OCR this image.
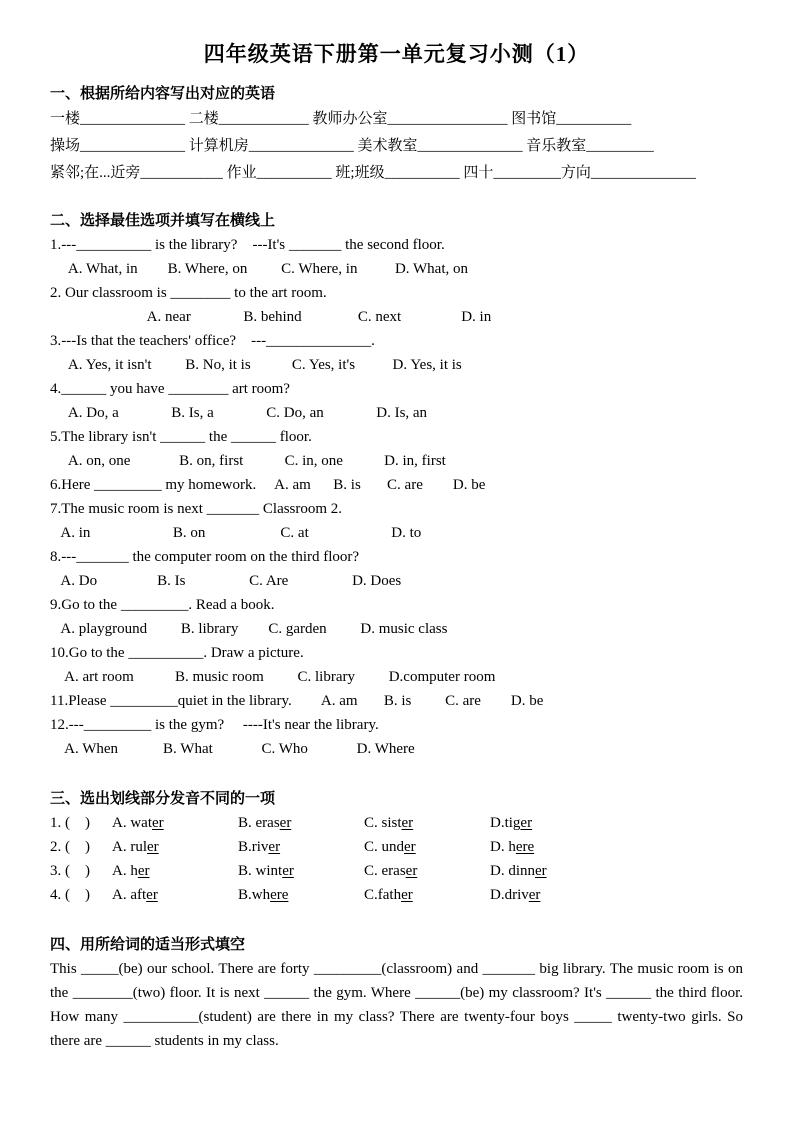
四年级英语下册第一单元复习小测（1）
一、根据所给内容写出对应的英语
一楼______________ 二楼____________ 教师办公室________________ 图书馆__________
操场______________ 计算机房______________ 美术教室______________ 音乐教室_________
紧邻;在...近旁___________ 作业__________ 班;班级__________ 四十_________方向______________
二、选择最佳选项并填写在横线上
1.---__________ is the library?    ---It's _______ the second floor.
A. What, in        B. Where, on         C. Where, in          D. What, on
2. Our classroom is ________ to the art room.
A. near              B. behind               C. next                D. in
3.---Is that the teachers' office?    ---______________.
A. Yes, it isn't         B. No, it is           C. Yes, it's          D. Yes, it is
4.______ you have ________ art room?
A. Do, a              B. Is, a              C. Do, an              D. Is, an
5.The library isn't ______ the ______ floor.
A. on, one             B. on, first           C. in, one           D. in, first
6.Here _________ my homework.     A. am      B. is       C. are        D. be
7.The music room is next _______ Classroom 2.
A. in                      B. on                    C. at                      D. to
8.---_______ the computer room on the third floor?
A. Do                B. Is                 C. Are                 D. Does
9.Go to the _________. Read a book.
A. playground         B. library        C. garden         D. music class
10.Go to the __________. Draw a picture.
A. art room           B. music room         C. library         D.computer room
11.Please _________quiet in the library.        A. am       B. is         C. are        D. be
12.---_________ is the gym?     ----It's near the library.
A. When            B. What             C. Who             D. Where
三、选出划线部分发音不同的一项
1. (　)	A. water	B. eraser	C. sister	D.tiger
2. (　)	A. ruler	B.river	C. under	D. here
3. (　)	A. her	B. winter	C. eraser	D. dinner
4. (　)	A. after	B.where	C.father	D.driver
四、用所给词的适当形式填空
This _____(be) our school. There are forty _________(classroom) and _______ big library. The music room is on the ________(two) floor. It is next ______ the gym. Where ______(be) my classroom? It's ______ the third floor. How many __________(student) are there in my class? There are twenty-four boys _____ twenty-two girls. So there are ______ students in my class.
